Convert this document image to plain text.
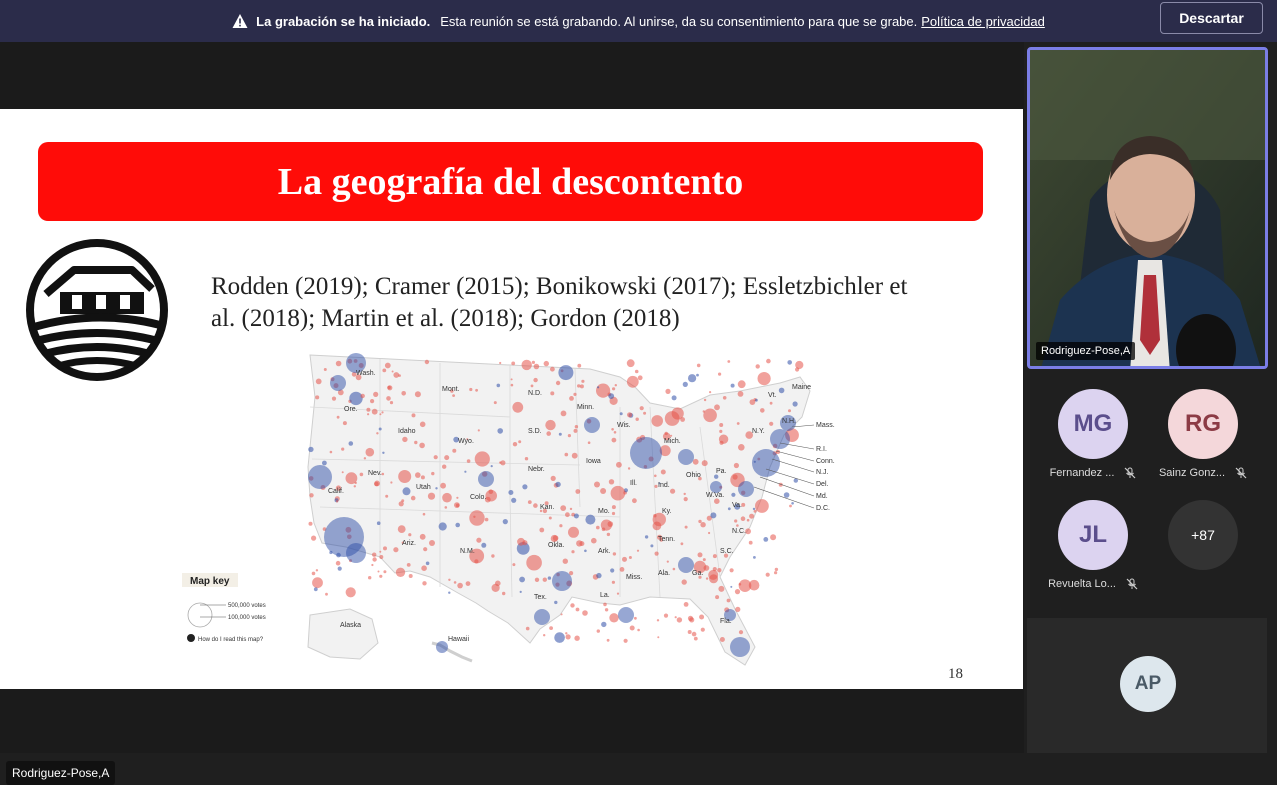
La grabación se ha iniciado. Esta reunión se está grabando. Al unirse, da su consentimiento para que se grabe. Política de privacidad	Descartar
La geografía del descontento
Rodden (2019); Cramer (2015); Bonikowski (2017); Essletzbichler et
al. (2018); Martin et al. (2018); Gordon (2018)
Wash.
Mont.
N.D.
Minn.
Ore.
Idaho
Wyo.
S.D.
Wis.
Mich.
Nev.
Utah
Nebr.
Iowa
Ill.
Ohio
Ind.
Calif.
Colo.
Kan.
Mo.	Ky.
W.Va.
Va.
Ariz.
N.M.
Okla.
Ark.
Tenn.
N.C.
S.C.
Miss.
Ala.	Ga.
Tex.	La.
Fla.
Alaska
Hawaii
Maine
Vt.
N.H.
N.Y.
Pa.
Mass.
R.I.
Conn.
N.J.
Del.
Md.
D.C.
Map key
500,000 votes
100,000 votes
How do I read this map?
18
Rodriguez-Pose,A
Rodriguez-Pose,A
MG
Fernandez ...
RG
Sainz Gonz...
JL
Revuelta Lo...
+87
AP
